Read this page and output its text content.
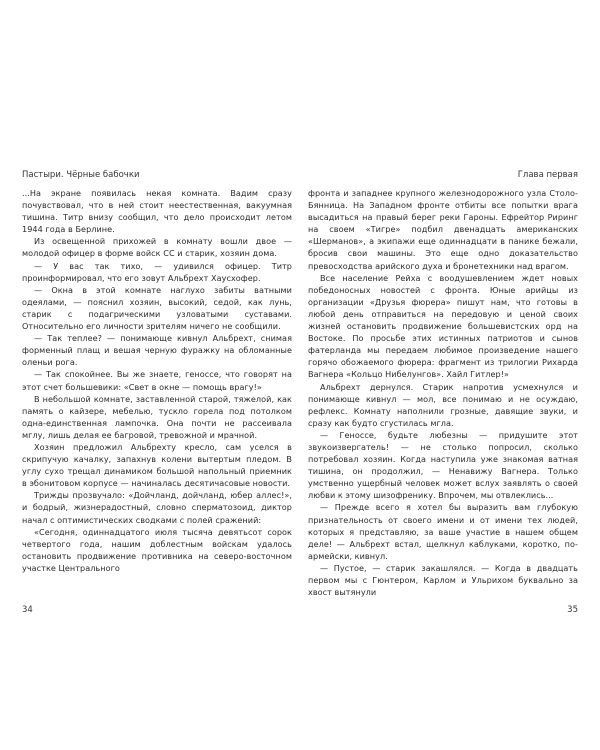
Пастыри. Чёрные бабочки

...На экране появилась некая комната. Вадим сразу почувствовал, что в ней стоит неестественная, вакуумная тишина. Титр внизу сообщил, что дело происходит летом 1944 года в Берлине.

Из освещенной прихожей в комнату вошли двое — молодой офицер в форме войск СС и старик, хозяин дома.

— У вас так тихо, — удивился офицер. Титр проинформировал, что его зовут Альбрехт Хаусхофер.

— Окна в этой комнате наглухо забиты ватными одеялами, — пояснил хозяин, высокий, седой, как лунь, старик с подагрическими узловатыми суставами. Относительно его личности зрителям ничего не сообщили.

— Так теплее? — понимающе кивнул Альбрехт, снимая форменный плащ и вешая черную фуражку на обломанные оленьи рога.

— Так спокойнее. Вы же знаете, геноссе, что говорят на этот счет большевики: «Свет в окне — помощь врагу!»

В небольшой комнате, заставленной старой, тяжелой, как память о кайзере, мебелью, тускло горела под потолком одна-единственная лампочка. Она почти не рассеивала мглу, лишь делая ее багровой, тревожной и мрачной.

Хозяин предложил Альбрехту кресло, сам уселся в скрипучую качалку, запахнув колени вытертым пледом. В углу сухо трещал динамиком большой напольный приемник в эбонитовом корпусе — начиналась десятичасовые новости.

Трижды прозвучало: «Дойчланд, дойчланд, юбер аллес!», и бодрый, жизнерадостный, словно сперматозоид, диктор начал с оптимистических сводками с полей сражений:

«Сегодня, одиннадцатого июля тысяча девятьсот сорок четвертого года, нашим доблестным войскам удалось остановить продвижение противника на северо-восточном участке Центрального

34
Глава первая

фронта и западнее крупного железнодорожного узла Столо-Бянница. На Западном фронте отбиты все попытки врага высадиться на правый берег реки Гароны. Ефрейтор Риринг на своем «Тигре» подбил двенадцать американских «Шерманов», а экипажи еще одиннадцати в панике бежали, бросив свои машины. Это еще одно доказательство превосходства арийского духа и бронетехники над врагом.

Все население Рейха с воодушевлением ждет новых победоносных новостей с фронта. Юные арийцы из организации «Друзья фюрера» пишут нам, что готовы в любой день отправиться на передовую и ценой своих жизней остановить продвижение большевистских орд на Востоке. По просьбе этих истинных патриотов и сынов фатерланда мы передаем любимое произведение нашего горячо обожаемого фюрера: фрагмент из трилогии Рихарда Вагнера «Кольцо Нибелунгов». Хайл Гитлер!»

Альбрехт дернулся. Старик напротив усмехнулся и понимающе кивнул — мол, все понимаю и не осуждаю, рефлекс. Комнату наполнили грозные, давящие звуки, и сразу как будто сгустилась мгла.

— Геноссе, будьте любезны — придушите этот звукоизвергатель! — не столько попросил, сколько потребовал хозяин. Когда наступила уже знакомая ватная тишина, он продолжил, — Ненавижу Вагнера. Только умственно ущербный человек может вслух заявлять о своей любви к этому шизофренику. Впрочем, мы отвлеклись...

— Прежде всего я хотел бы выразить вам глубокую признательность от своего имени и от имени тех людей, которых я представляю, за ваше участие в нашем общем деле! — Альбрехт встал, щелкнул каблуками, коротко, по-армейски, кивнул.

— Пустое, — старик закашлялся. — Когда в двадцать первом мы с Гюнтером, Карлом и Ульрихом буквально за хвост вытянули

35
